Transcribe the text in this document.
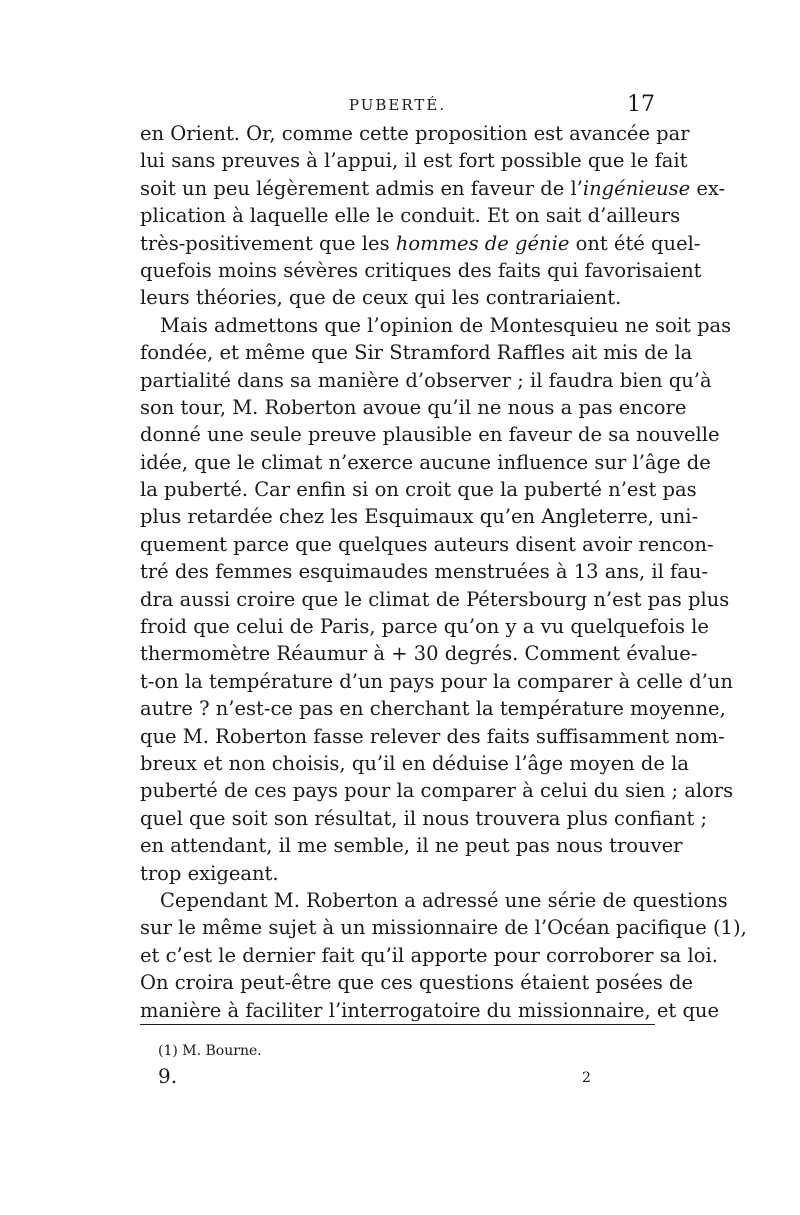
PUBERTÉ.	17
en Orient. Or, comme cette proposition est avancée par
lui sans preuves à l’appui, il est fort possible que le fait
soit un peu légèrement admis en faveur de l’ingénieuse ex-
plication à laquelle elle le conduit. Et on sait d’ailleurs
très-positivement que les hommes de génie ont été quel-
quefois moins sévères critiques des faits qui favorisaient
leurs théories, que de ceux qui les contrariaient.
Mais admettons que l’opinion de Montesquieu ne soit pas
fondée, et même que Sir Stramford Raffles ait mis de la
partialité dans sa manière d’observer ; il faudra bien qu’à
son tour, M. Roberton avoue qu’il ne nous a pas encore
donné une seule preuve plausible en faveur de sa nouvelle
idée, que le climat n’exerce aucune influence sur l’âge de
la puberté. Car enfin si on croit que la puberté n’est pas
plus retardée chez les Esquimaux qu’en Angleterre, uni-
quement parce que quelques auteurs disent avoir rencon-
tré des femmes esquimaudes menstruées à 13 ans, il fau-
dra aussi croire que le climat de Pétersbourg n’est pas plus
froid que celui de Paris, parce qu’on y a vu quelquefois le
thermomètre Réaumur à + 30 degrés. Comment évalue-
t-on la température d’un pays pour la comparer à celle d’un
autre ? n’est-ce pas en cherchant la température moyenne,
que M. Roberton fasse relever des faits suffisamment nom-
breux et non choisis, qu’il en déduise l’âge moyen de la
puberté de ces pays pour la comparer à celui du sien ; alors
quel que soit son résultat, il nous trouvera plus confiant ;
en attendant, il me semble, il ne peut pas nous trouver
trop exigeant.
Cependant M. Roberton a adressé une série de questions
sur le même sujet à un missionnaire de l’Océan pacifique (1),
et c’est le dernier fait qu’il apporte pour corroborer sa loi.
On croira peut-être que ces questions étaient posées de
manière à faciliter l’interrogatoire du missionnaire, et que
(1) M. Bourne.
9.	2
